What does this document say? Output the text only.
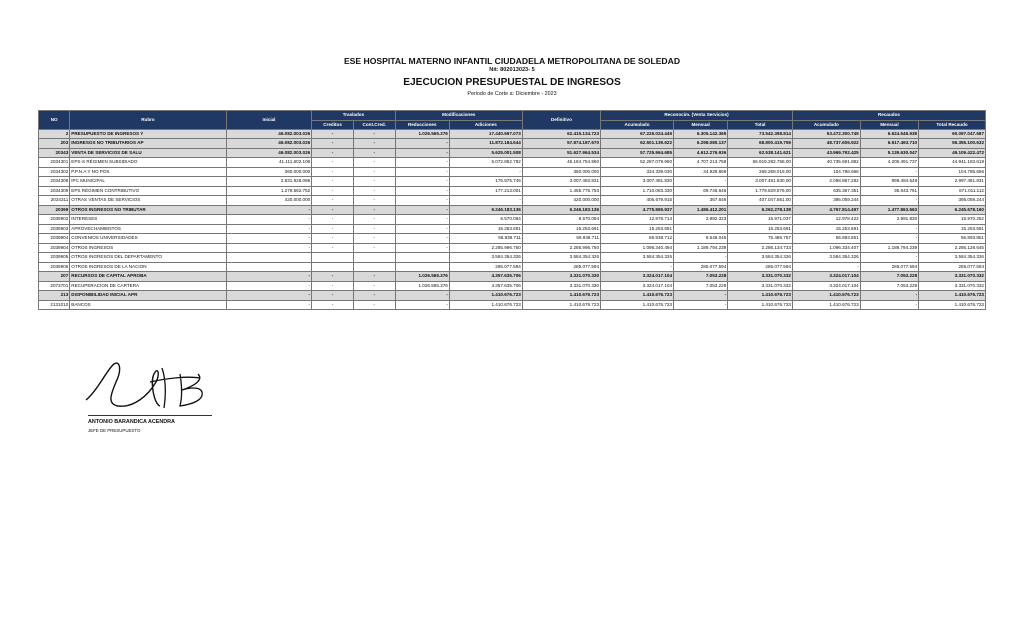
ESE HOSPITAL MATERNO INFANTIL CIUDADELA METROPOLITANA DE SOLEDAD
Nit: 802013023- 5
EJECUCION PRESUPUESTAL DE INGRESOS
Periodo de Corte a: Diciembre - 2023
NO	Rubro	Inicial	Traslados		Modificaciones		Definitivo	Reconocim. (Venta Servicios)			Recaudos		
			Creditos	Cont.Cred.	Reducciones	Adiciones		Acumulado	Mensual	Total	Acumulado	Mensual	Total Recaudo
2	PRESUPUESTO DE INGRESOS Y	46.082.003.026	-	-	1.026.565.376	17.440.697.073	62.415.134.723	67.226.024.449	6.305.142.365	73.542.398.814	53.472.300.749	6.624.546.938	60.097.047.687
203	INGRESOS NO TRIBUTARIOS AP	46.082.003.026	-	-	-	11.872.184.644	57.874.187.670	62.501.139.622	6.298.080.137	68.800.419.759	48.737.606.922	6.617.493.710	55.355.100.632
20343	VENTA DE SERVICIOS DE SALU	46.082.003.026	-	-	-	5.625.001.508	51.627.964.534	57.725.964.685	4.612.276.936	62.538.141.621	43.969.792.425	5.139.630.047	49.109.422.472
2034301	EPS-S RÉGIMEN SUBSIDIADO	41.111.602.106	-	-	-	5.072.852.782	46.184.754.960	52.287.079.960	4.707.213.758	56.919.293.758,00	40.735.691.882	4.205.491.737	44.941.183.619
2034302	P.P.N.A Y NO POS	360.000.000	-	-	-	-	360.000.000	334.339.030	34.928.869	369.268.019,00	104.786.666	-	104.786.666
2034308	IPC MUNICIPAL	2.831.928.086	-	-	-	175.975.745	3.007.483.831	3.007.481.830	-	3.007.481.830,00	2.098.867.282	899.484.549	2.997.481.831
2034309	EPS RÉGIMEN CONTRIBUTIVO	1.278.562.752	-	-	-	177.213.001	1.455.775.753	1.710.083.330	69.746.646	1.779.829.976,00	635.367.351	35.643.761	671.011.112
2034311	OTRAS VENTAS DE SERVICIOS	420.000.000	-	-	-	-	420.000.000	406.679.915	367.646	407.047.561,00	395.059.244	-	395.059.244
20399	OTROS INGRESOS NO TRIBUTAR	-	-	-	-	6.246.183.136	6.246.183.136	4.775.865.937	1.486.412.201	6.262.278.138	4.767.814.497	1.477.863.663	6.245.678.160
2039902	INTERESES	-	-	-	-	8.570.094	8.570.094	12.978.714	2.992.323	15.971.037	12.978.422	2.991.830	15.970.252
2039903	APROVECHAMIENTOS	-	-	-	-	15.253.691	15.253.691	15.253.691		15.253.691	15.253.691	-	15.253.691
2039904	CONVENIOS UNIVERSIDADES	-	-	-	-	66.938.711	66.938.711	66.938.712	8.548.045	75.486.757	56.893.851	-	56.893.851
2039904	OTROS INGRESOS	-	-	-	-	2.285.996.750	2.285.996.750	1.096.340.494	1.189.794.239	2.286.134.733	1.096.334.407	1.189.794.239	2.286.128.645
2039905	OTROS INGRESOS DEL DEPARTAMENTO					3.584.354.326	3.584.354.326	3.584.354.326	-	3.584.354.326	3.584.354.326	-	3.584.354.326
2039906	OTROS INGRESOS DE LA NACION					285.077.594	285.077.594	-	285.077.594	285.077.594	-	285.077.594	285.077.594
207	RECURSOS DE CAPITAL APROBA	-	-	-	1.026.565.376	4.357.635.706	3.331.070.330	3.324.017.104	7.053.228	3.331.070.332	3.324.017.104	7.053.228	3.331.070.332
2073701	RECUPERACION DE CARTERA	-	-	-	1.026.565.376	4.357.635.706	3.331.070.330	3.324.017.104	7.053.228	3.331.070.332	3.324.017.104	7.053.228	3.331.070.332
213	DISPONIBILIDAD INICIAL APR	-	-	-	-	1.410.676.723	1.410.676.723	1.410.676.723	-	1.410.676.723	1.410.676.723	-	1.410.676.723
2131010	BANCOS	-	-	-	-	1.410.676.723	1.410.676.723	1.410.676.723	-	1.410.676.723	1.410.676.723	-	1.410.676.723
ANTONIO BARANDICA ACENDRA
JEFE DE PRESUPUESTO
